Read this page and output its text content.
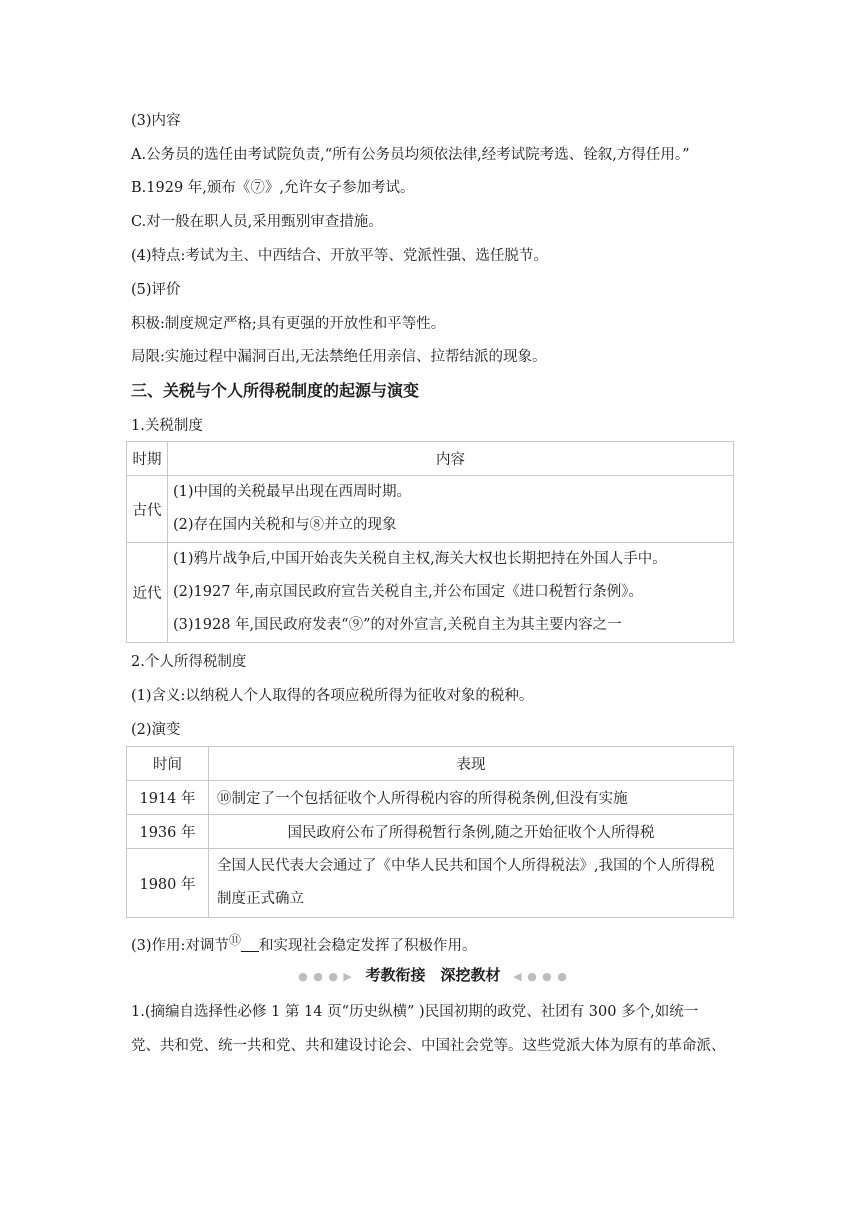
(3)内容
A.公务员的选任由考试院负责,“所有公务员均须依法律,经考试院考选、铨叙,方得任用。”
B.1929 年,颁布《⑦》,允许女子参加考试。
C.对一般在职人员,采用甄别审查措施。
(4)特点:考试为主、中西结合、开放平等、党派性强、选任脱节。
(5)评价
积极:制度规定严格;具有更强的开放性和平等性。
局限:实施过程中漏洞百出,无法禁绝任用亲信、拉帮结派的现象。
三、关税与个人所得税制度的起源与演变
1.关税制度
时期	内容
古代	(1)中国的关税最早出现在西周时期。
(2)存在国内关税和与⑧并立的现象

近代	(1)鸦片战争后,中国开始丧失关税自主权,海关大权也长期把持在外国人手中。
(2)1927 年,南京国民政府宣告关税自主,并公布国定《进口税暂行条例》。
(3)1928 年,国民政府发表“⑨”的对外宣言,关税自主为其主要内容之一
2.个人所得税制度
(1)含义:以纳税人个人取得的各项应税所得为征收对象的税种。
(2)演变
时间	表现
1914 年	⑩制定了一个包括征收个人所得税内容的所得税条例,但没有实施
1936 年	国民政府公布了所得税暂行条例,随之开始征收个人所得税
1980 年	全国人民代表大会通过了《中华人民共和国个人所得税法》,我国的个人所得税制度正式确立
(3)作用:对调节⑪ 和实现社会稳定发挥了积极作用。
● ● ● ▶ 考教衔接　深挖教材 ◀ ● ● ●
1.(摘编自选择性必修 1 第 14 页“历史纵横” )民国初期的政党、社团有 300 多个,如统一
党、共和党、统一共和党、共和建设讨论会、中国社会党等。这些党派大体为原有的革命派、
